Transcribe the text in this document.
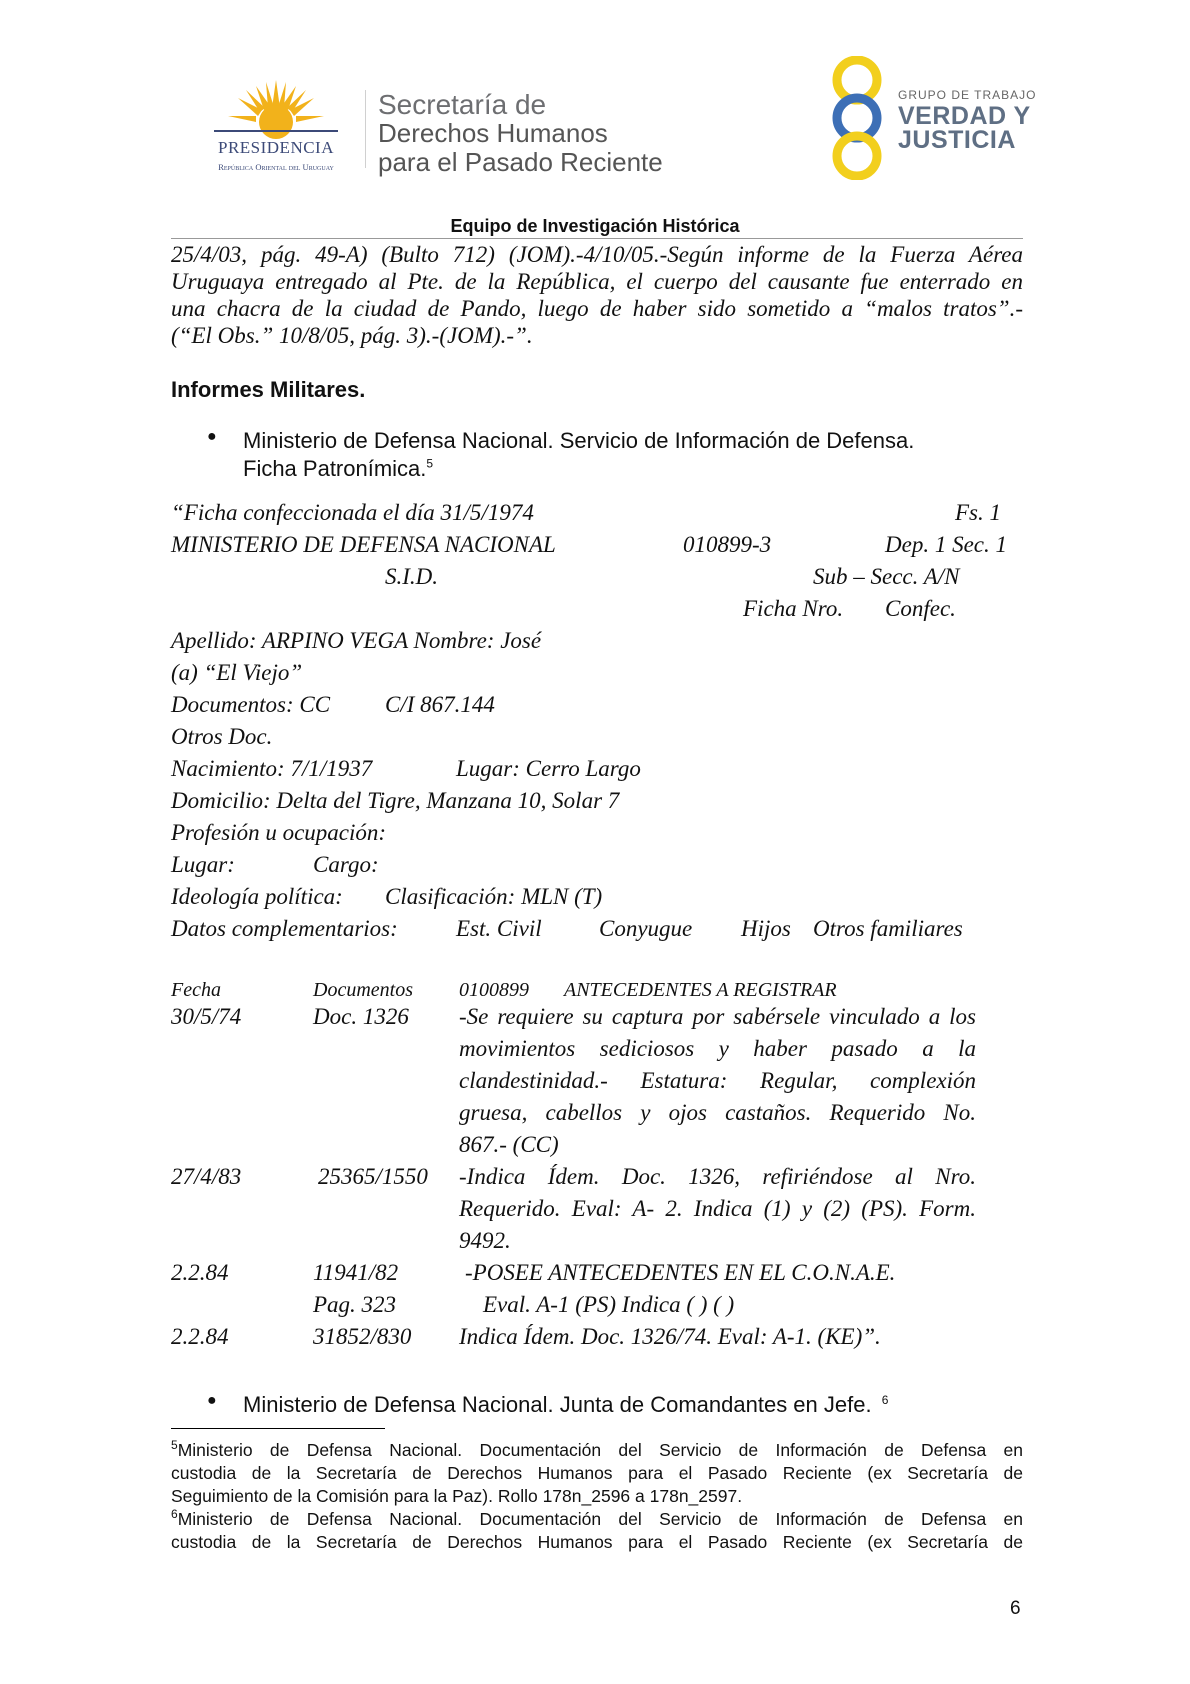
PRESIDENCIA
República Oriental del Uruguay
Secretaría de
Derechos Humanos
para el Pasado Reciente
GRUPO DE TRABAJO
VERDAD Y
JUSTICIA
Equipo de Investigación Histórica
25/4/03, pág. 49-A) (Bulto 712) (JOM).-4/10/05.-Según informe de la Fuerza Aérea
Uruguaya entregado al Pte. de la República, el cuerpo del causante fue enterrado en
una chacra de la ciudad de Pando, luego de haber sido sometido a “malos tratos”.-
(“El Obs.” 10/8/05, pág. 3).-(JOM).-”.
Informes Militares.
● Ministerio de Defensa Nacional. Servicio de Información de Defensa.
Ficha Patronímica.$^5$
“Ficha confeccionada el día 31/5/1974	Fs. 1
MINISTERIO DE DEFENSA NACIONAL	010899-3	Dep. 1 Sec. 1
S.I.D.	Sub – Secc. A/N
Ficha Nro. Confec.
Apellido: ARPINO VEGA Nombre: José
(a) “El Viejo”
Documentos: CC C/I 867.144
Otros Doc.
Nacimiento: 7/1/1937	Lugar: Cerro Largo
Domicilio: Delta del Tigre, Manzana 10, Solar 7
Profesión u ocupación:
Lugar:	Cargo:
Ideología política: Clasificación: MLN (T)
Datos complementarios:	Est. Civil Conyugue Hijos Otros familiares
Fecha	Documentos 0100899 ANTECEDENTES A REGISTRAR
30/5/74	Doc. 1326 -Se requiere su captura por sabérsele vinculado a los
movimientos sediciosos y haber pasado a la
clandestinidad.- Estatura: Regular, complexión
gruesa, cabellos y ojos castaños. Requerido No.
867.- (CC)
27/4/83	25365/1550 -Indica Ídem. Doc. 1326, refiriéndose al Nro.
Requerido. Eval: A- 2. Indica (1) y (2) (PS). Form.
9492.
2.2.84	11941/82	-POSEE ANTECEDENTES EN EL C.O.N.A.E.
Pag. 323	Eval. A-1 (PS) Indica ( ) ( )
2.2.84	31852/830 Indica Ídem. Doc. 1326/74. Eval: A-1. (KE)”.
● Ministerio de Defensa Nacional. Junta de Comandantes en Jefe. $^6$
$^5$Ministerio de Defensa Nacional. Documentación del Servicio de Información de Defensa en
custodia de la Secretaría de Derechos Humanos para el Pasado Reciente (ex Secretaría de
Seguimiento de la Comisión para la Paz). Rollo 178n_2596 a 178n_2597.
$^6$Ministerio de Defensa Nacional. Documentación del Servicio de Información de Defensa en
custodia de la Secretaría de Derechos Humanos para el Pasado Reciente (ex Secretaría de
6
